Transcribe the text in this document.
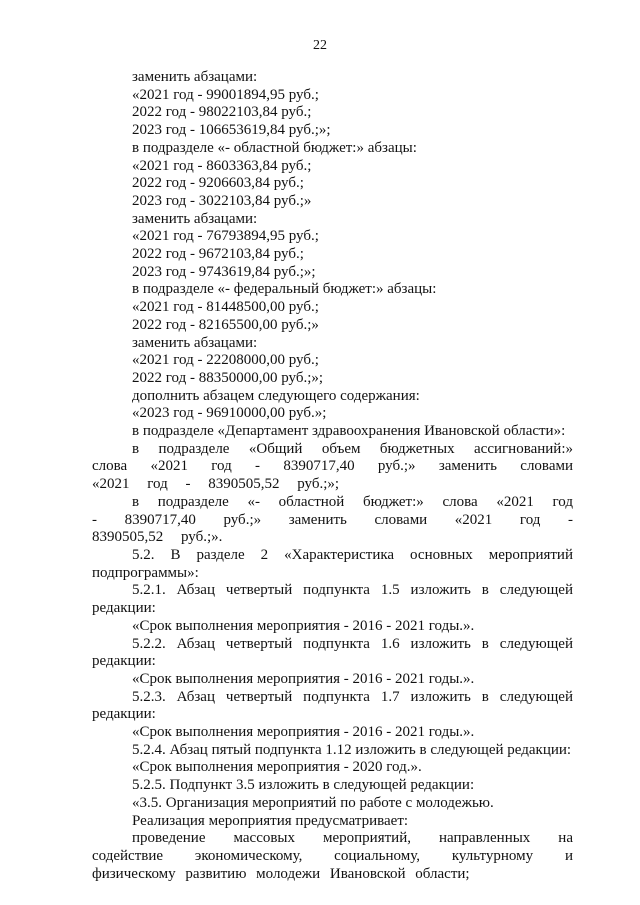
22

заменить абзацами:

«2021 год - 99001894,95 руб.;

2022 год - 98022103,84 руб.;

2023 год - 106653619,84 руб.;»;

в подразделе «- областной бюджет:» абзацы:

«2021 год - 8603363,84 руб.;

2022 год - 9206603,84 руб.;

2023 год - 3022103,84 руб.;»

заменить абзацами:

«2021 год - 76793894,95 руб.;

2022 год - 9672103,84 руб.;

2023 год - 9743619,84 руб.;»;

в подразделе «- федеральный бюджет:» абзацы:

«2021 год - 81448500,00 руб.;

2022 год - 82165500,00 руб.;»

заменить абзацами:

«2021 год - 22208000,00 руб.;

2022 год - 88350000,00 руб.;»;

дополнить абзацем следующего содержания:

«2023 год - 96910000,00 руб.»;

в подразделе «Департамент здравоохранения Ивановской области»:

в подразделе «Общий объем бюджетных ассигнований:» слова «2021 год - 8390717,40 руб.;» заменить словами «2021 год - 8390505,52 руб.;»;

в подразделе «- областной бюджет:» слова «2021 год - 8390717,40 руб.;» заменить словами «2021 год - 8390505,52 руб.;».

5.2. В разделе 2 «Характеристика основных мероприятий подпрограммы»:

5.2.1. Абзац четвертый подпункта 1.5 изложить в следующей редакции:

«Срок выполнения мероприятия - 2016 - 2021 годы.».

5.2.2. Абзац четвертый подпункта 1.6 изложить в следующей редакции:

«Срок выполнения мероприятия - 2016 - 2021 годы.».

5.2.3. Абзац четвертый подпункта 1.7 изложить в следующей редакции:

«Срок выполнения мероприятия - 2016 - 2021 годы.».

5.2.4. Абзац пятый подпункта 1.12 изложить в следующей редакции:

«Срок выполнения мероприятия - 2020 год.».

5.2.5. Подпункт 3.5 изложить в следующей редакции:

«3.5. Организация мероприятий по работе с молодежью.

Реализация мероприятия предусматривает:

проведение массовых мероприятий, направленных на содействие экономическому, социальному, культурному и физическому развитию молодежи Ивановской области;
